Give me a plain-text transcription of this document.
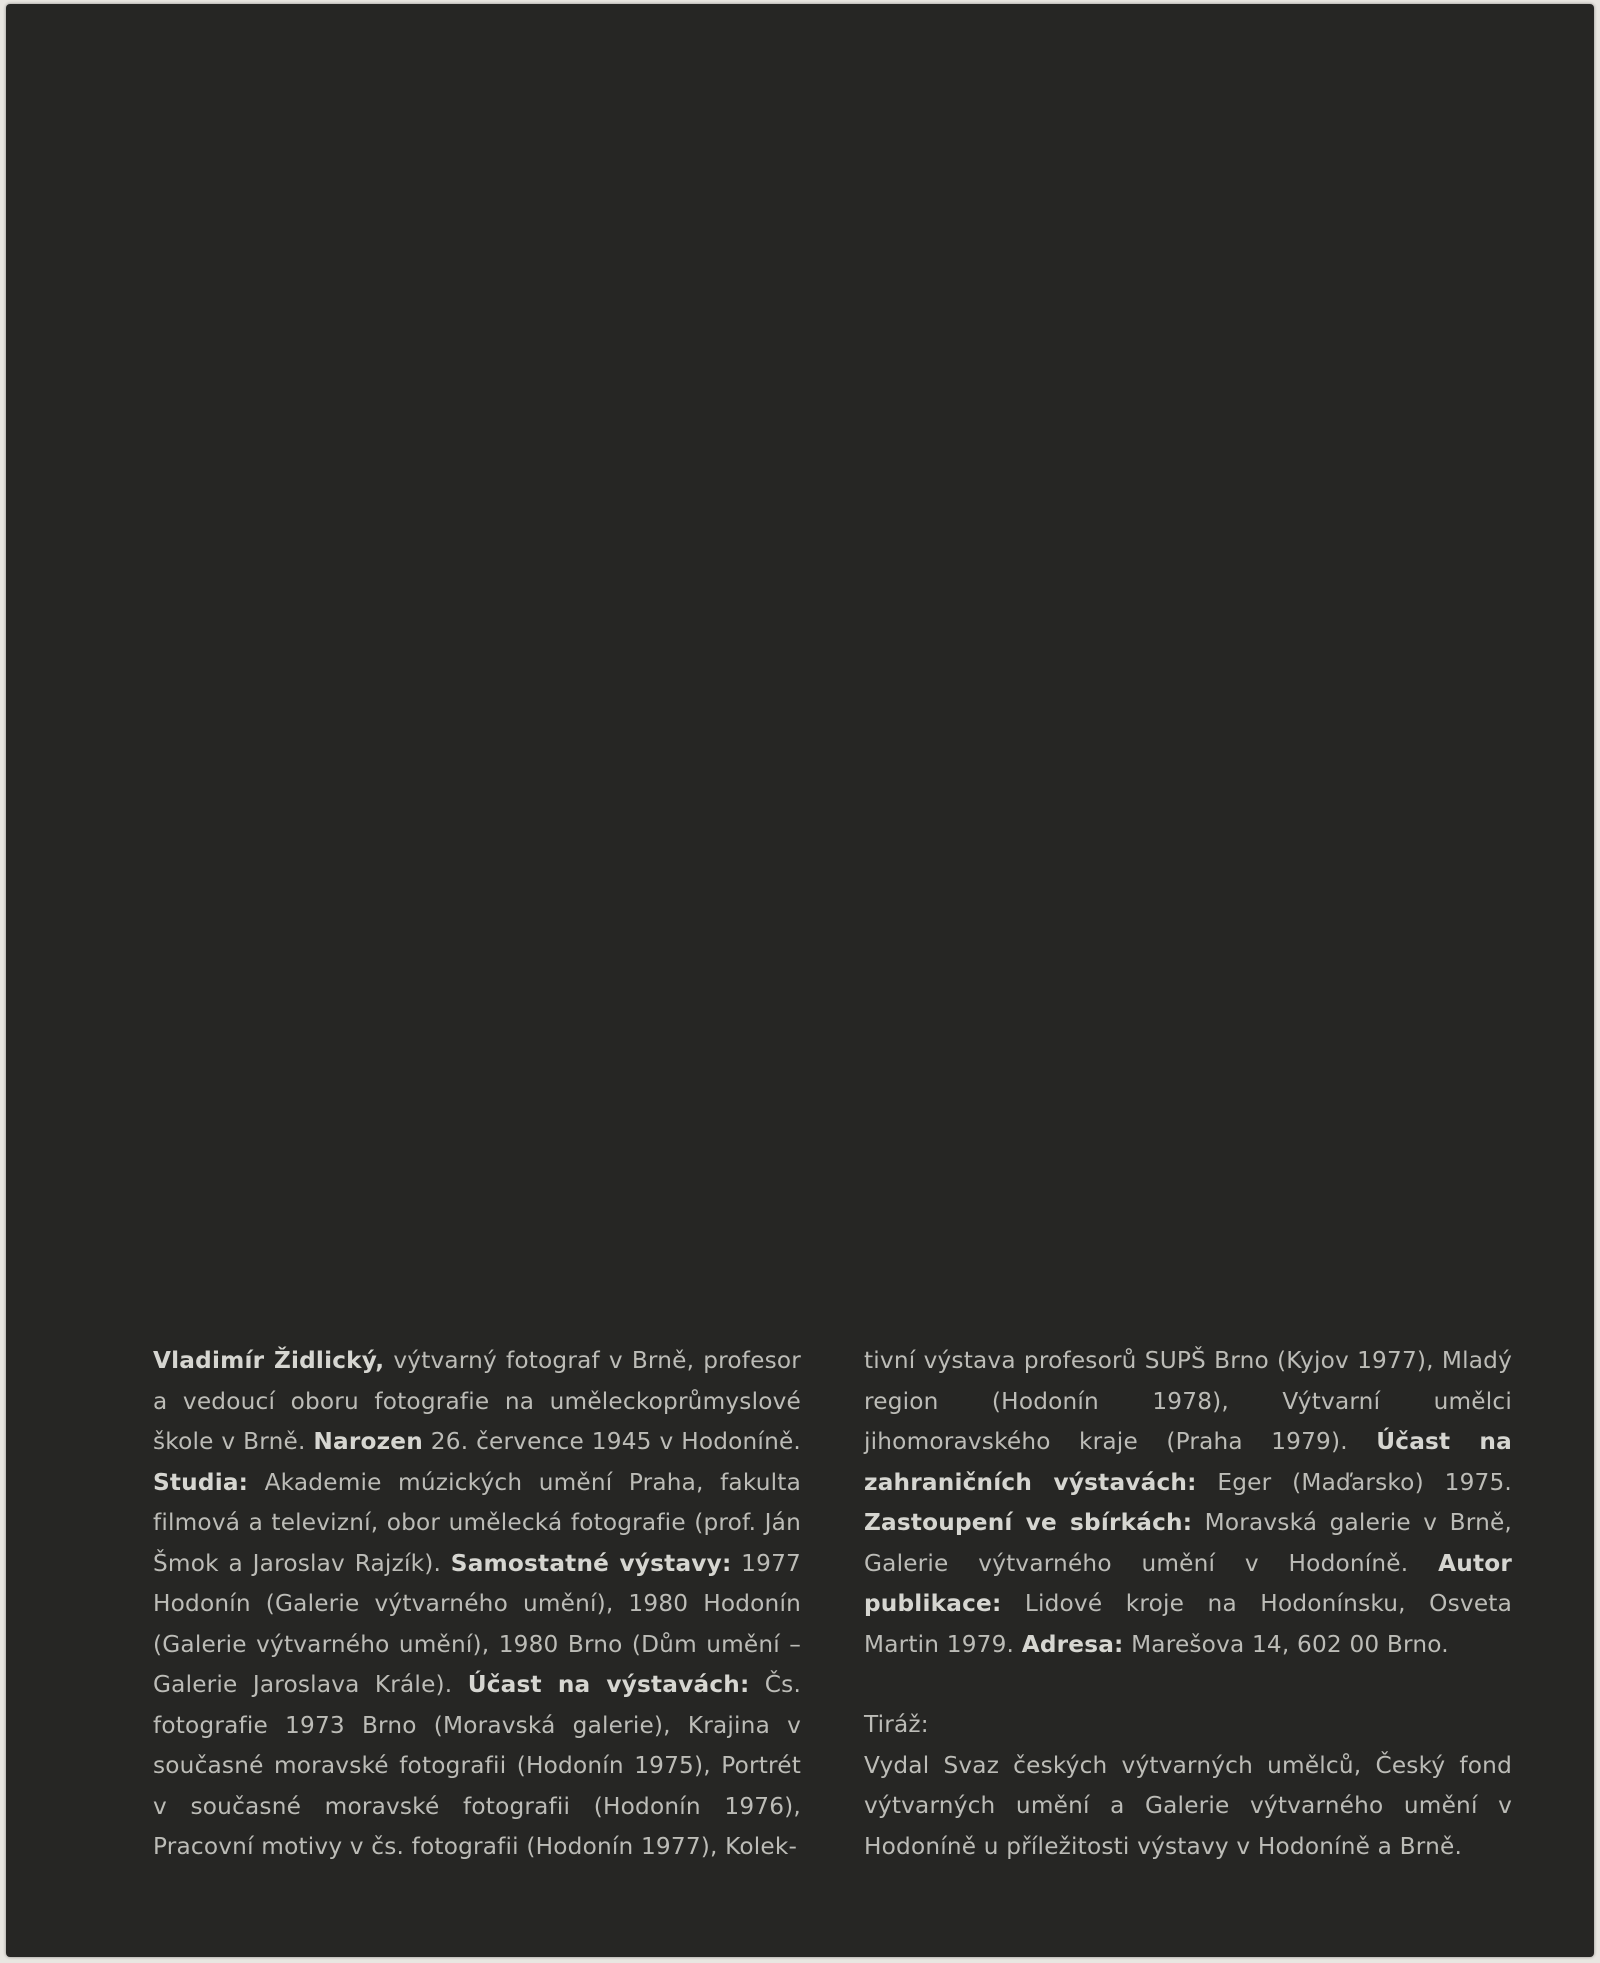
Vladimír Židlický, výtvarný fotograf v Brně, profesor a vedoucí oboru fotografie na uměleckoprůmyslové škole v Brně. Narozen 26. července 1945 v Hodoníně. Studia: Akademie múzických umění Praha, fakulta filmová a televizní, obor umělecká fotografie (prof. Ján Šmok a Jaroslav Rajzík). Samostatné výstavy: 1977 Hodonín (Galerie výtvarného umění), 1980 Hodonín (Galerie výtvarného umění), 1980 Brno (Dům umění – Galerie Jaroslava Krále). Účast na výstavách: Čs. fotografie 1973 Brno (Moravská galerie), Krajina v současné moravské fotografii (Hodonín 1975), Portrét v současné moravské fotografii (Hodonín 1976), Pracovní motivy v čs. fotografii (Hodonín 1977), Kolek-
tivní výstava profesorů SUPŠ Brno (Kyjov 1977), Mladý region (Hodonín 1978), Výtvarní umělci jihomoravského kraje (Praha 1979). Účast na zahraničních výstavách: Eger (Maďarsko) 1975. Zastoupení ve sbírkách: Moravská galerie v Brně, Galerie výtvarného umění v Hodoníně. Autor publikace: Lidové kroje na Hodonínsku, Osveta Martin 1979. Adresa: Marešova 14, 602 00 Brno.
Tiráž:
Vydal Svaz českých výtvarných umělců, Český fond výtvarných umění a Galerie výtvarného umění v Hodoníně u příležitosti výstavy v Hodoníně a Brně.
